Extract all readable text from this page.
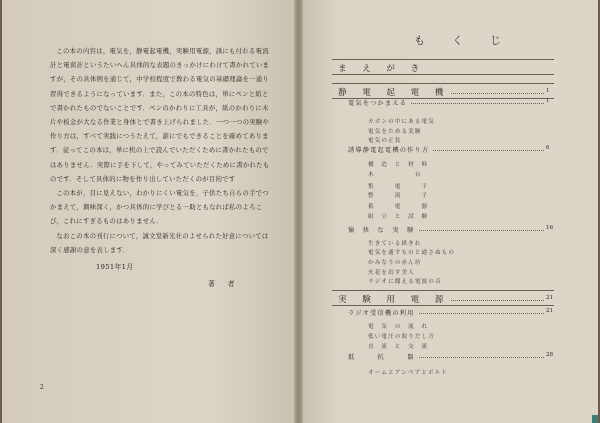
この本の内容は，電気を，静電起電機，実験用電源，誘にも付れる電流計と電荷計というたいへん具体的な表題のきっかけにわけて書かれていますが，その具体例を通じて，中学校程度で教わる電気の基礎理論を一通り習得できるようになっています．また，この本の特色は，単にペンと紙とで書かれたものでないことです．ペンのかわりに工具が，紙のかわりに木片や板金が大なる作業と身体とで書き上げられました．一つ一つの実験や作り方は，すべて実践につうたえて，誰にでもできることを確めてあります．従ってこの本は，単に机の上で読んでいただくために書かれたものではありません．実際に手を下して，やってみていただくために書かれたものです．そして具体的に物を作り出していただくのが目的です

この本が，目に見えない，わかりにくい電気を，子供たち自らの手でつかまえて，興味深く，かつ具体的に学びとる一助ともなれば私のよろこび，これにすぎるものはありません．

なおこの本の刊行について，誠文堂新光社のよせられた好意については深く感謝の意を表します．

1951年1月
著　者
2
も　く　じ
ま　え　が　き
静　電　起　電　機	1
電気をつかまえる	1
カボンの中にある電気
電気をためる実験
電気の正負
誘導静電起電機の作り方	6
構　造　と　材　料
木　　　　　　台
集　　　電　　　子
整　　　流　　　子
蓄　　　電　　　器
組　立　と　試　験
愉　快　な　実　験	16
生きている紙きれ
電気を通すものと通さぬもの
かみなりの赤ん坊
火花を出す美人
ラジオに聞える電波の音
実　験　用　電　源	21
ラジオ受信機の利用	21
電　気　の　流　れ
低い電圧の取りだし方
直　流　と　交　流
抵　　　抗　　　器	28
オームとアンペアとボルト
